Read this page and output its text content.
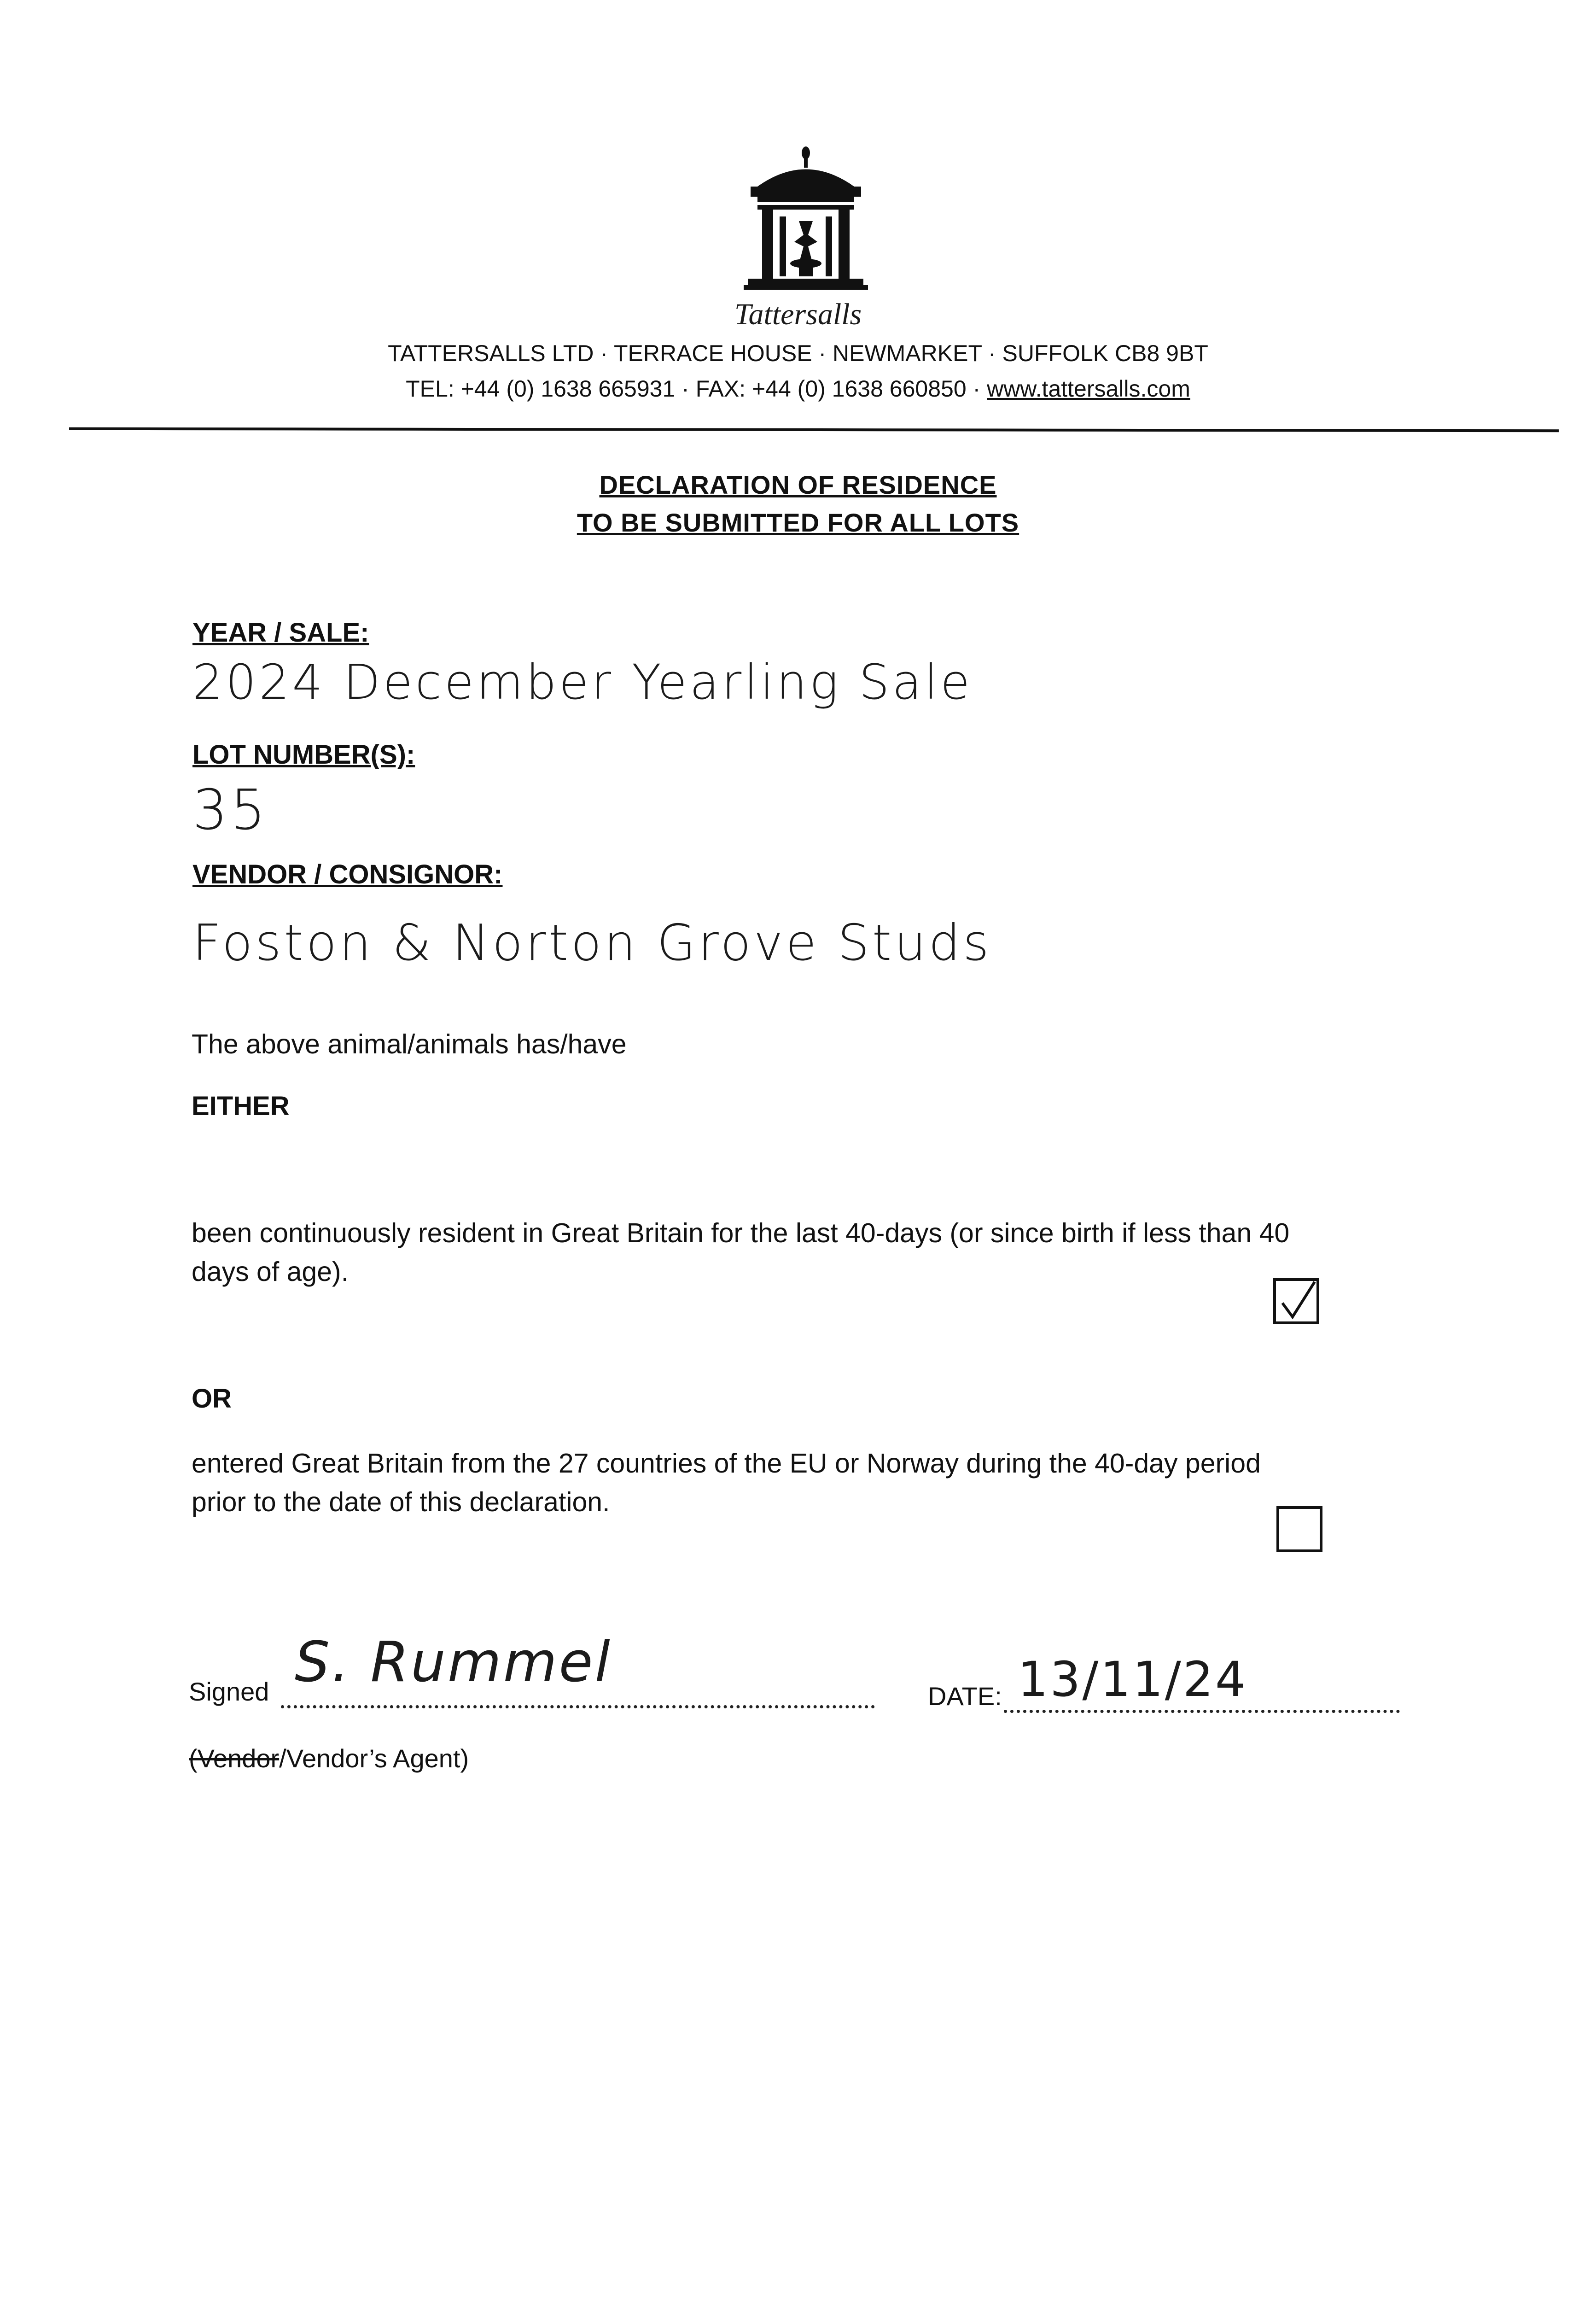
Tattersalls
TATTERSALLS LTD · TERRACE HOUSE · NEWMARKET · SUFFOLK CB8 9BT
TEL: +44 (0) 1638 665931 · FAX: +44 (0) 1638 660850 · www.tattersalls.com
DECLARATION OF RESIDENCE
TO BE SUBMITTED FOR ALL LOTS
YEAR / SALE:
2024 December Yearling Sale
LOT NUMBER(S):
35
VENDOR / CONSIGNOR:
Foston & Norton Grove Studs
The above animal/animals has/have
EITHER
been continuously resident in Great Britain for the last 40-days (or since birth if less than 40
days of age).
OR
entered Great Britain from the 27 countries of the EU or Norway during the 40-day period
prior to the date of this declaration.
Signed S. Rummel
DATE: 13/11/24
(Vendor/Vendor’s Agent)
